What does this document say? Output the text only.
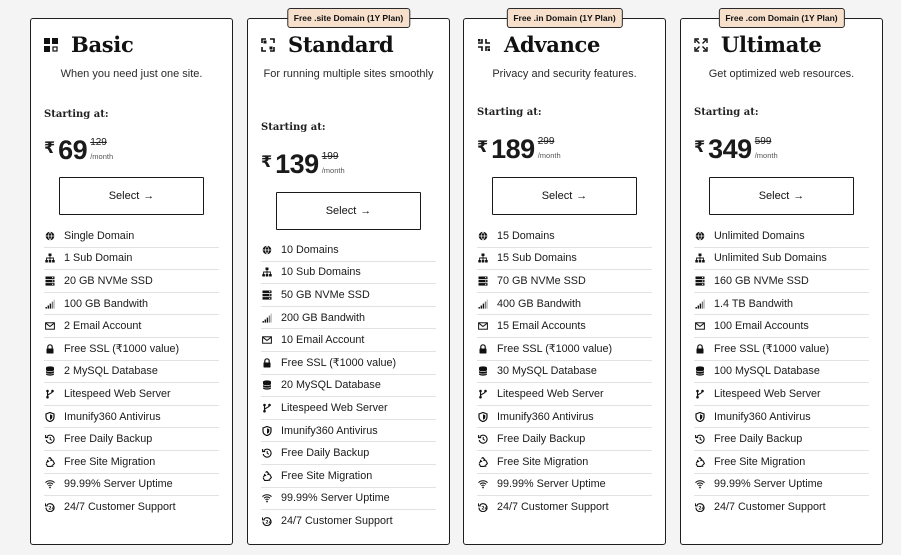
Basic
When you need just one site.
Starting at:
₹ 69 129
/month
Select →
Single Domain
1 Sub Domain
20 GB NVMe SSD
100 GB Bandwith
2 Email Account
Free SSL (₹1000 value)
2 MySQL Database
Litespeed Web Server
Imunify360 Antivirus
Free Daily Backup
Free Site Migration
99.99% Server Uptime
24 24/7 Customer Support
Free .site Domain (1Y Plan)
Standard
For running multiple sites smoothly
Starting at:
₹ 139 199
/month
Select →
10 Domains
10 Sub Domains
50 GB NVMe SSD
200 GB Bandwith
10 Email Account
Free SSL (₹1000 value)
20 MySQL Database
Litespeed Web Server
Imunify360 Antivirus
Free Daily Backup
Free Site Migration
99.99% Server Uptime
24 24/7 Customer Support
Free .in Domain (1Y Plan)
Advance
Privacy and security features.
Starting at:
₹ 189 299
/month
Select →
15 Domains
15 Sub Domains
70 GB NVMe SSD
400 GB Bandwith
15 Email Accounts
Free SSL (₹1000 value)
30 MySQL Database
Litespeed Web Server
Imunify360 Antivirus
Free Daily Backup
Free Site Migration
99.99% Server Uptime
24 24/7 Customer Support
Free .com Domain (1Y Plan)
Ultimate
Get optimized web resources.
Starting at:
₹ 349 599
/month
Select →
Unlimited Domains
Unlimited Sub Domains
160 GB NVMe SSD
1.4 TB Bandwith
100 Email Accounts
Free SSL (₹1000 value)
100 MySQL Database
Litespeed Web Server
Imunify360 Antivirus
Free Daily Backup
Free Site Migration
99.99% Server Uptime
24 24/7 Customer Support
